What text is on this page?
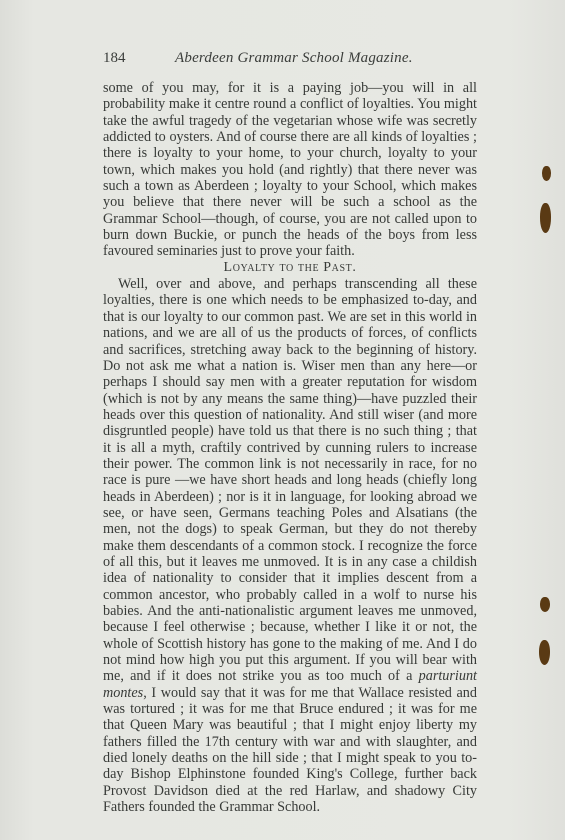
184	Aberdeen Grammar School Magazine.

some of you may, for it is a paying job—you will in all probability make it centre round a conflict of loyalties. You might take the awful tragedy of the vegetarian whose wife was secretly addicted to oysters. And of course there are all kinds of loyalties ; there is loyalty to your home, to your church, loyalty to your town, which makes you hold (and rightly) that there never was such a town as Aberdeen ; loyalty to your School, which makes you believe that there never will be such a school as the Grammar School—though, of course, you are not called upon to burn down Buckie, or punch the heads of the boys from less favoured seminaries just to prove your faith.

Loyalty to the Past.

Well, over and above, and perhaps transcending all these loyalties, there is one which needs to be emphasized to-day, and that is our loyalty to our common past. We are set in this world in nations, and we are all of us the products of forces, of conflicts and sacrifices, stretching away back to the beginning of history. Do not ask me what a nation is. Wiser men than any here—or perhaps I should say men with a greater reputation for wisdom (which is not by any means the same thing)—have puzzled their heads over this question of nationality. And still wiser (and more disgruntled people) have told us that there is no such thing ; that it is all a myth, craftily contrived by cunning rulers to increase their power. The common link is not necessarily in race, for no race is pure —we have short heads and long heads (chiefly long heads in Aberdeen) ; nor is it in language, for looking abroad we see, or have seen, Germans teaching Poles and Alsatians (the men, not the dogs) to speak German, but they do not thereby make them descendants of a common stock. I recognize the force of all this, but it leaves me unmoved. It is in any case a childish idea of nationality to consider that it implies descent from a common ancestor, who probably called in a wolf to nurse his babies. And the anti-nationalistic argument leaves me unmoved, because I feel otherwise ; because, whether I like it or not, the whole of Scottish history has gone to the making of me. And I do not mind how high you put this argument. If you will bear with me, and if it does not strike you as too much of a parturiunt montes, I would say that it was for me that Wallace resisted and was tortured ; it was for me that Bruce endured ; it was for me that Queen Mary was beautiful ; that I might enjoy liberty my fathers filled the 17th century with war and with slaughter, and died lonely deaths on the hill side ; that I might speak to you to-day Bishop Elphinstone founded King's College, further back Provost Davidson died at the red Harlaw, and shadowy City Fathers founded the Grammar School.
